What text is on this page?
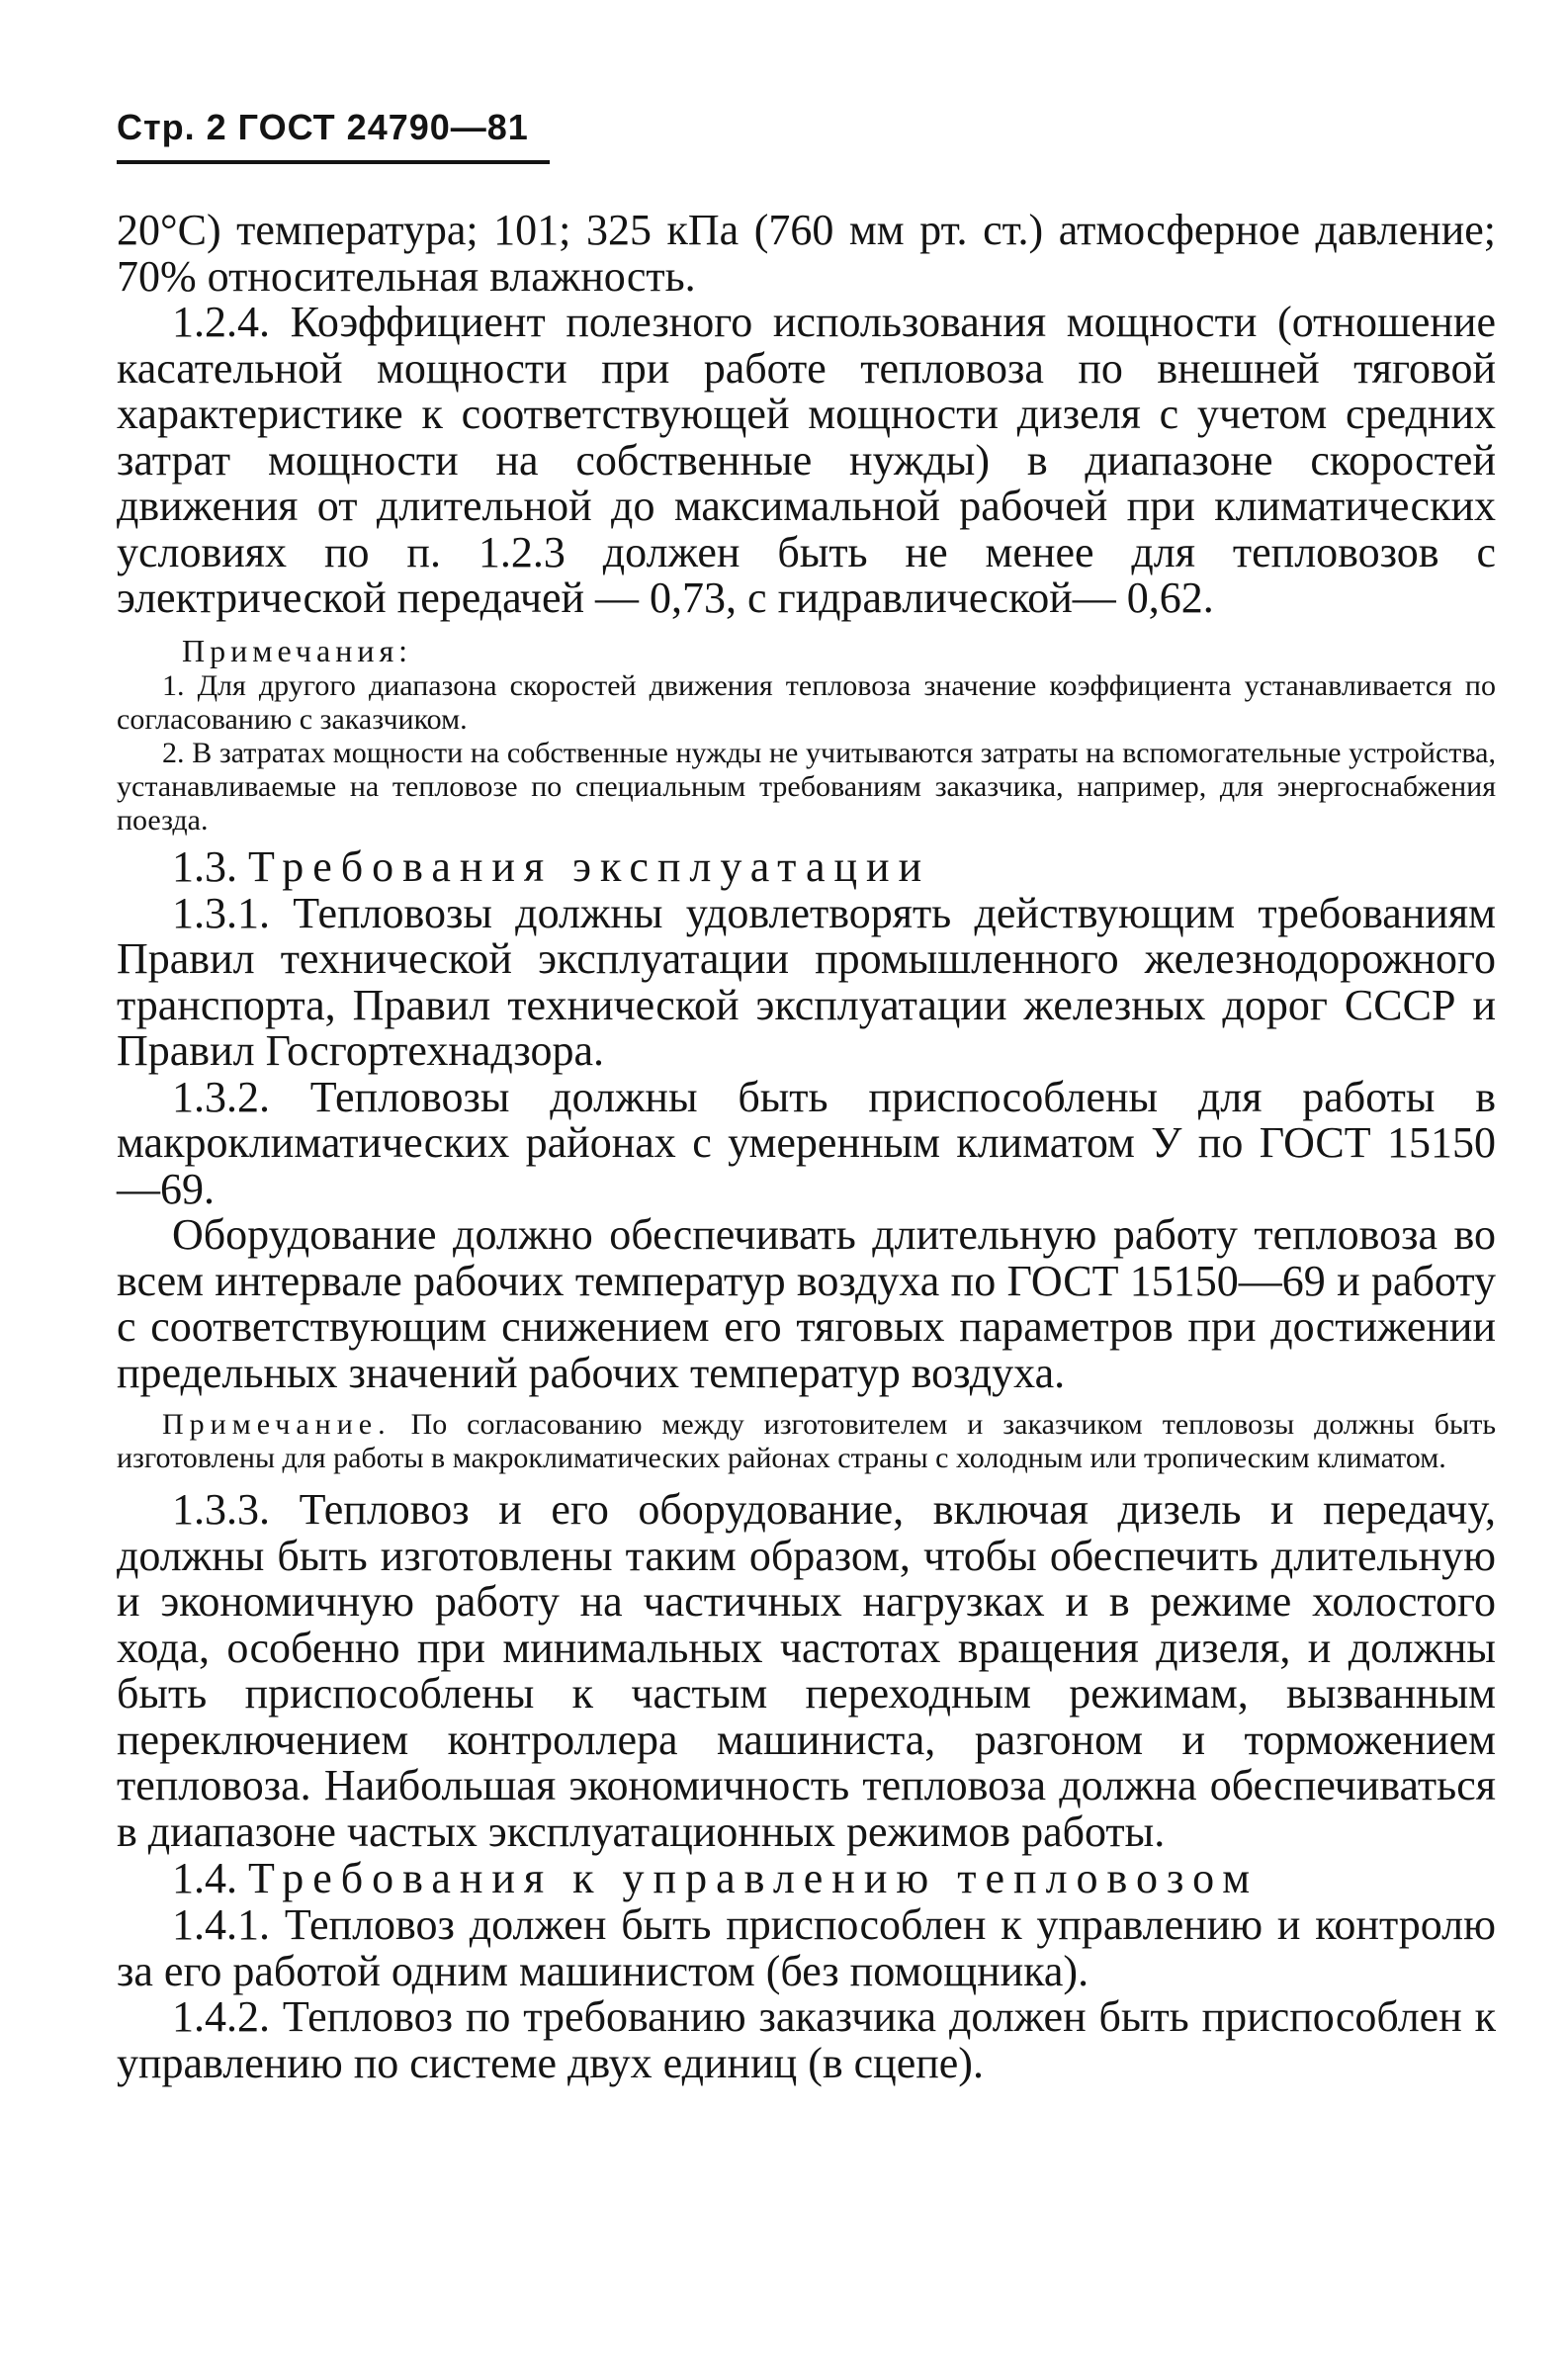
Стр. 2 ГОСТ 24790—81

20°C) температура; 101; 325 кПа (760 мм рт. ст.) атмосферное давление; 70% относительная влажность.

1.2.4. Коэффициент полезного использования мощности (отношение касательной мощности при работе тепловоза по внешней тяговой характеристике к соответствующей мощности дизеля с учетом средних затрат мощности на собственные нужды) в диапазоне скоростей движения от длительной до максимальной рабочей при климатических условиях по п. 1.2.3 должен быть не менее для тепловозов с электрической передачей — 0,73, с гидравлической— 0,62.

Примечания:

1. Для другого диапазона скоростей движения тепловоза значение коэффициента устанавливается по согласованию с заказчиком.

2. В затратах мощности на собственные нужды не учитываются затраты на вспомогательные устройства, устанавливаемые на тепловозе по специальным требованиям заказчика, например, для энергоснабжения поезда.

1.3. Требования эксплуатации

1.3.1. Тепловозы должны удовлетворять действующим требованиям Правил технической эксплуатации промышленного железнодорожного транспорта, Правил технической эксплуатации железных дорог СССР и Правил Госгортехнадзора.

1.3.2. Тепловозы должны быть приспособлены для работы в макроклиматических районах с умеренным климатом У по ГОСТ 15150—69.

Оборудование должно обеспечивать длительную работу тепловоза во всем интервале рабочих температур воздуха по ГОСТ 15150—69 и работу с соответствующим снижением его тяговых параметров при достижении предельных значений рабочих температур воздуха.

Примечание. По согласованию между изготовителем и заказчиком тепловозы должны быть изготовлены для работы в макроклиматических районах страны с холодным или тропическим климатом.

1.3.3. Тепловоз и его оборудование, включая дизель и передачу, должны быть изготовлены таким образом, чтобы обеспечить длительную и экономичную работу на частичных нагрузках и в режиме холостого хода, особенно при минимальных частотах вращения дизеля, и должны быть приспособлены к частым переходным режимам, вызванным переключением контроллера машиниста, разгоном и торможением тепловоза. Наибольшая экономичность тепловоза должна обеспечиваться в диапазоне частых эксплуатационных режимов работы.

1.4. Требования к управлению тепловозом

1.4.1. Тепловоз должен быть приспособлен к управлению и контролю за его работой одним машинистом (без помощника).

1.4.2. Тепловоз по требованию заказчика должен быть приспособлен к управлению по системе двух единиц (в сцепе).
